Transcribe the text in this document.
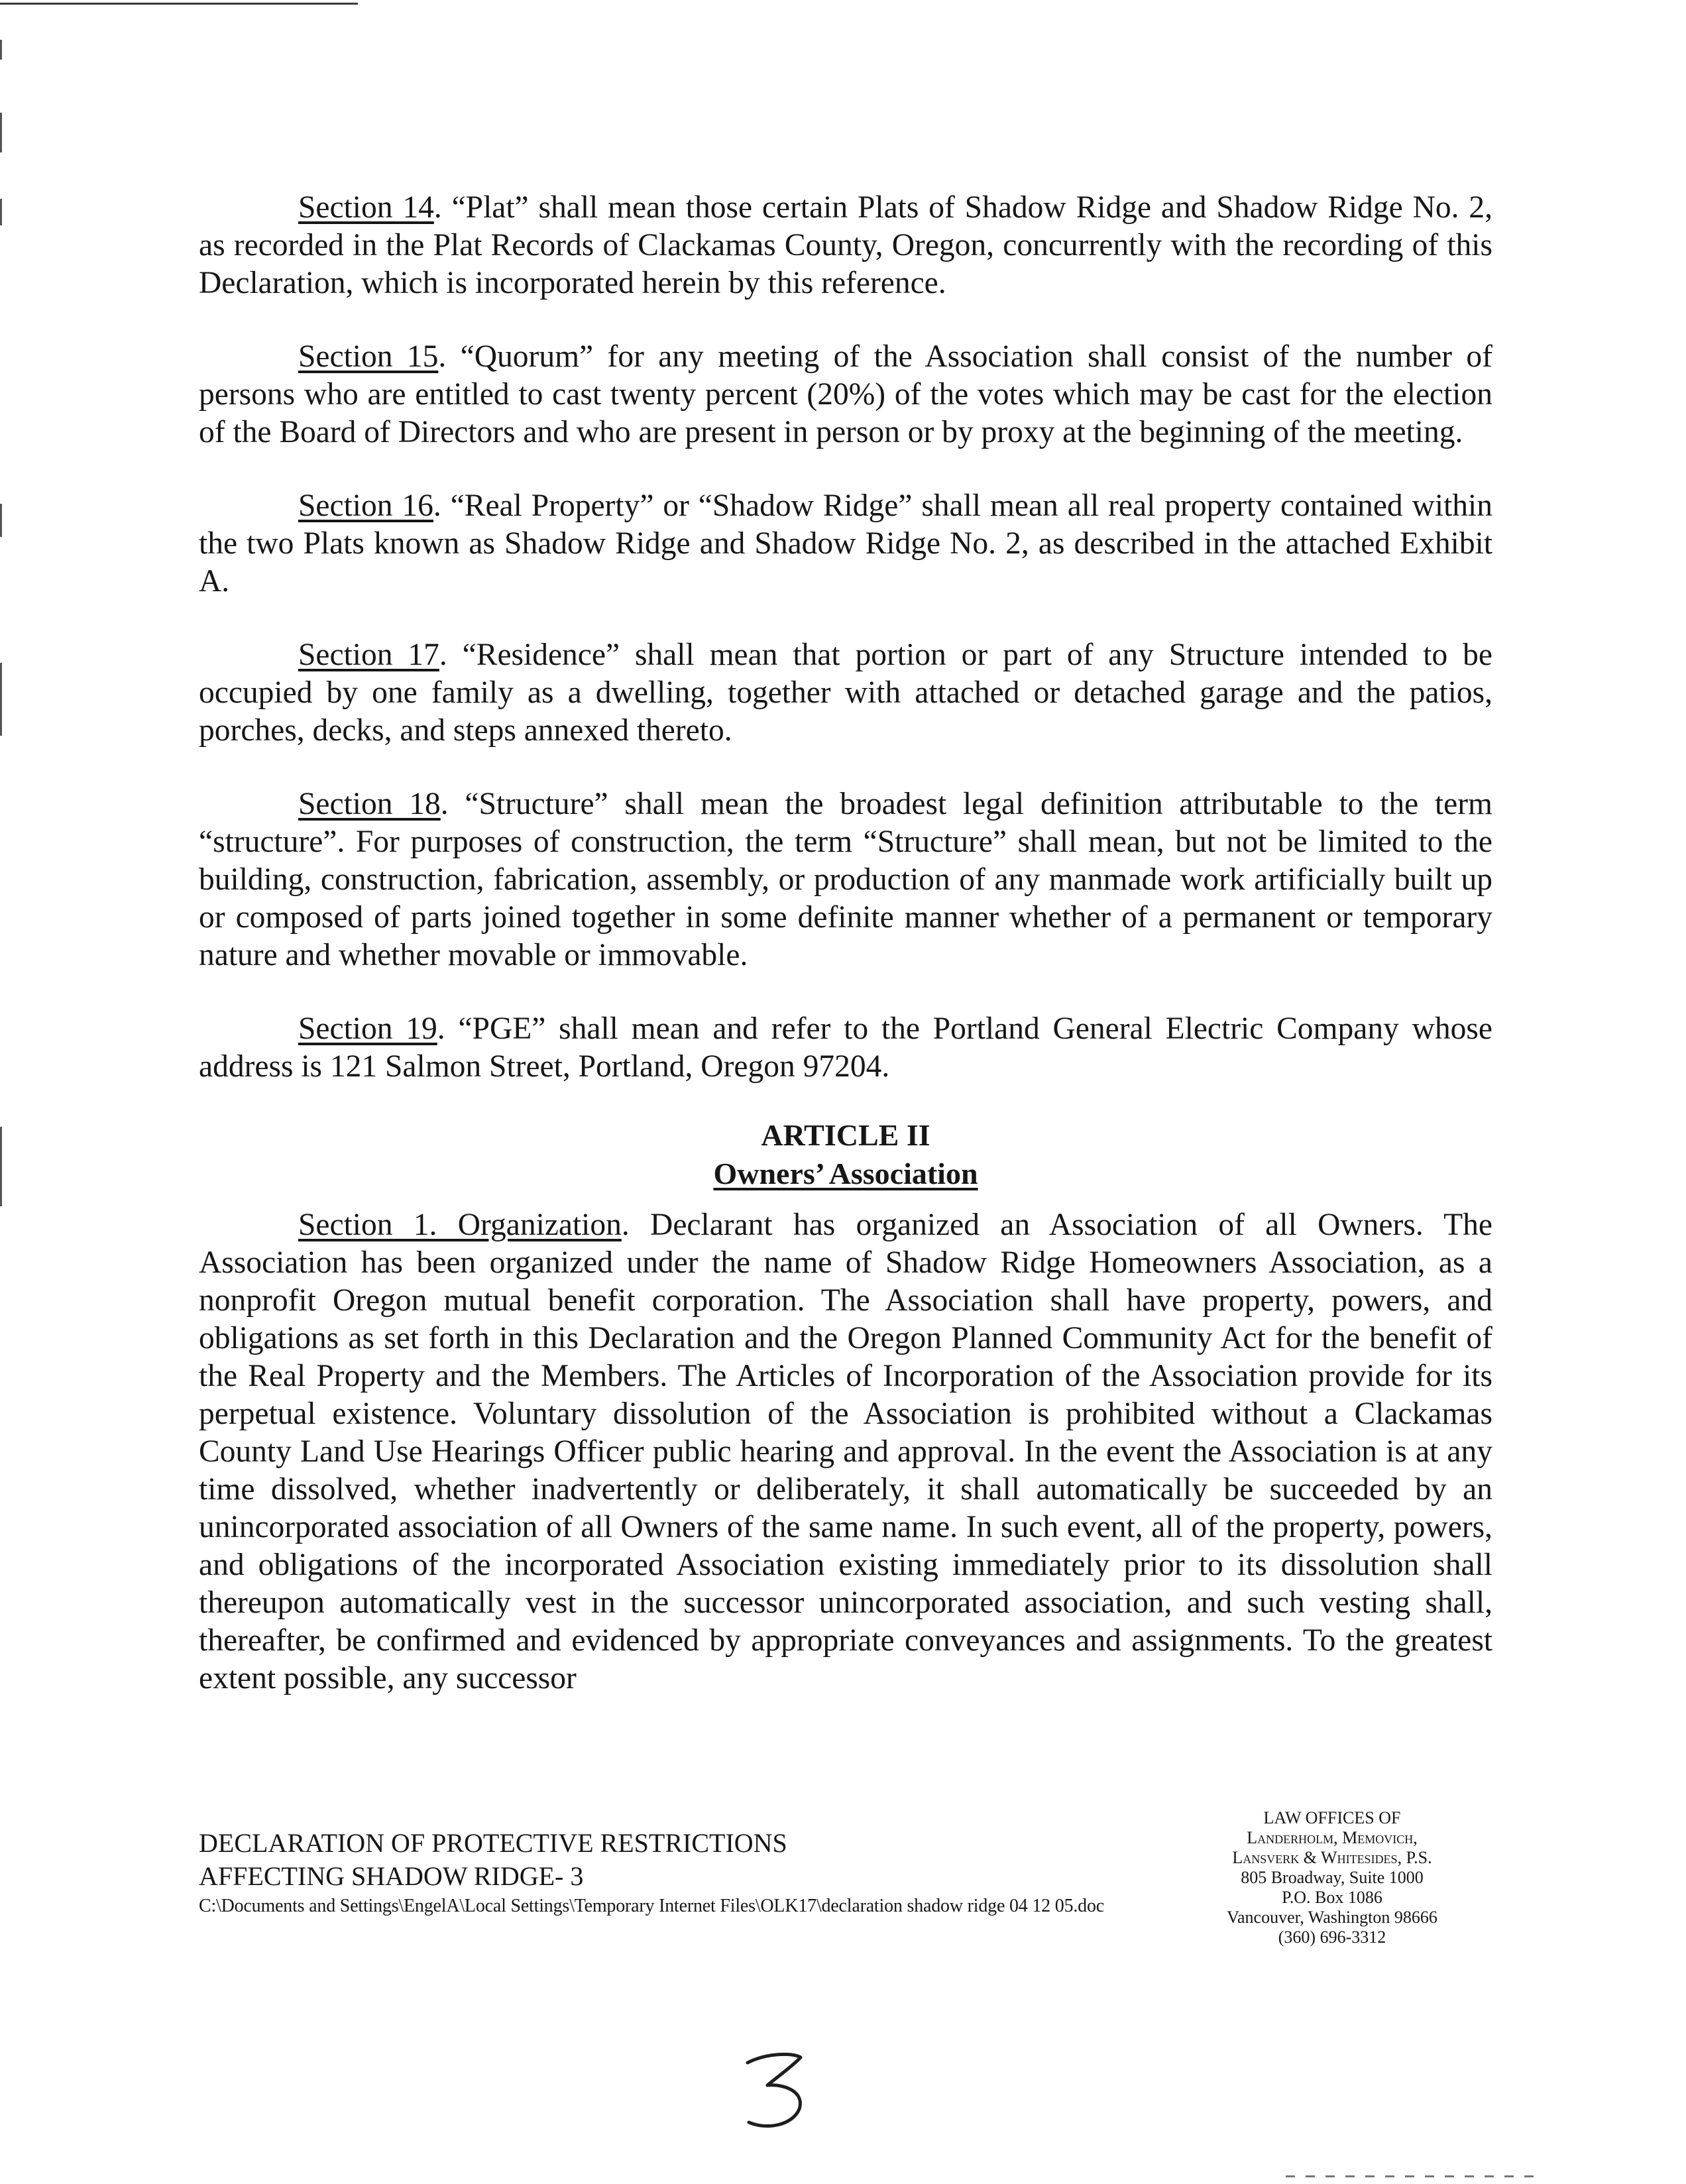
Section 14. “Plat” shall mean those certain Plats of Shadow Ridge and Shadow Ridge No. 2, as recorded in the Plat Records of Clackamas County, Oregon, concurrently with the recording of this Declaration, which is incorporated herein by this reference.

Section 15. “Quorum” for any meeting of the Association shall consist of the number of persons who are entitled to cast twenty percent (20%) of the votes which may be cast for the election of the Board of Directors and who are present in person or by proxy at the beginning of the meeting.

Section 16. “Real Property” or “Shadow Ridge” shall mean all real property contained within the two Plats known as Shadow Ridge and Shadow Ridge No. 2, as described in the attached Exhibit A.

Section 17. “Residence” shall mean that portion or part of any Structure intended to be occupied by one family as a dwelling, together with attached or detached garage and the patios, porches, decks, and steps annexed thereto.

Section 18. “Structure” shall mean the broadest legal definition attributable to the term “structure”. For purposes of construction, the term “Structure” shall mean, but not be limited to the building, construction, fabrication, assembly, or production of any manmade work artificially built up or composed of parts joined together in some definite manner whether of a permanent or temporary nature and whether movable or immovable.

Section 19. “PGE” shall mean and refer to the Portland General Electric Company whose address is 121 Salmon Street, Portland, Oregon 97204.

ARTICLE II
Owners’ Association

Section 1. Organization. Declarant has organized an Association of all Owners. The Association has been organized under the name of Shadow Ridge Homeowners Association, as a nonprofit Oregon mutual benefit corporation. The Association shall have property, powers, and obligations as set forth in this Declaration and the Oregon Planned Community Act for the benefit of the Real Property and the Members. The Articles of Incorporation of the Association provide for its perpetual existence. Voluntary dissolution of the Association is prohibited without a Clackamas County Land Use Hearings Officer public hearing and approval. In the event the Association is at any time dissolved, whether inadvertently or deliberately, it shall automatically be succeeded by an unincorporated association of all Owners of the same name. In such event, all of the property, powers, and obligations of the incorporated Association existing immediately prior to its dissolution shall thereupon automatically vest in the successor unincorporated association, and such vesting shall, thereafter, be confirmed and evidenced by appropriate conveyances and assignments. To the greatest extent possible, any successor

DECLARATION OF PROTECTIVE RESTRICTIONS
AFFECTING SHADOW RIDGE- 3
C:\Documents and Settings\EngelA\Local Settings\Temporary Internet Files\OLK17\declaration shadow ridge 04 12 05.doc
LAW OFFICES OF
Landerholm, Memovich,
Lansverk & Whitesides, P.S.
805 Broadway, Suite 1000
P.O. Box 1086
Vancouver, Washington 98666
(360) 696-3312
